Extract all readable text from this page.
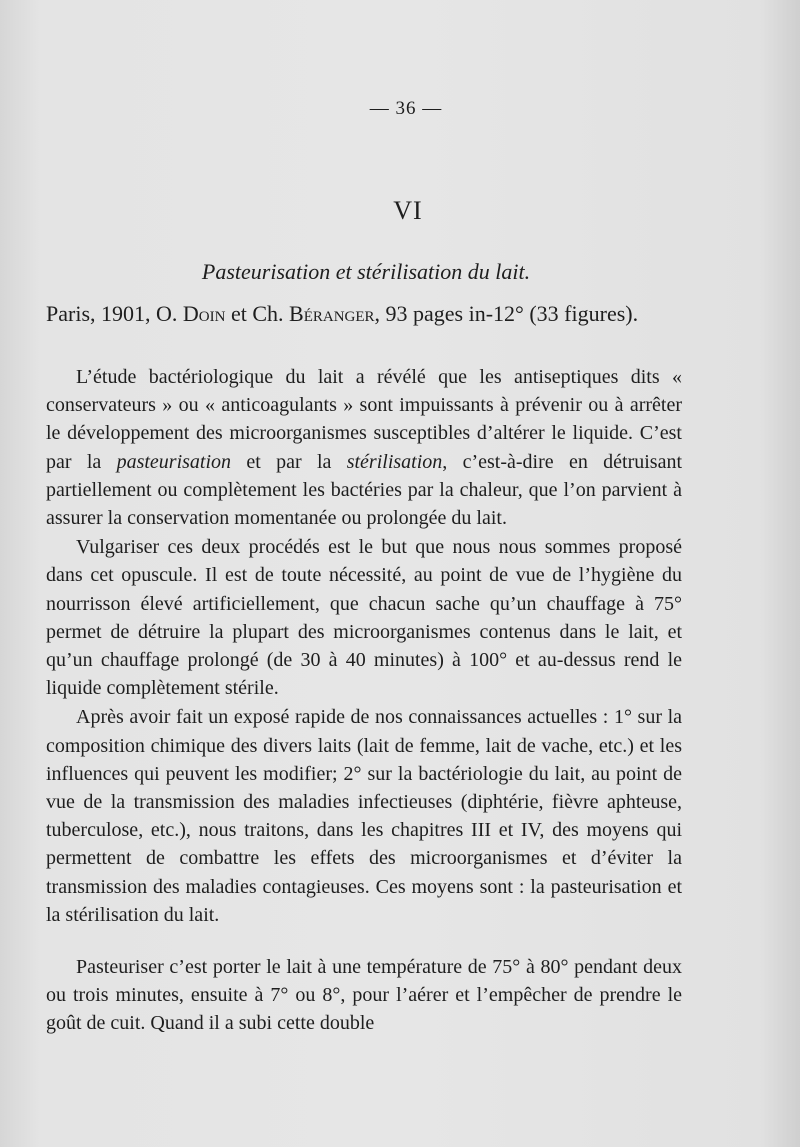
— 36 —
VI
Pasteurisation et stérilisation du lait.
Paris, 1901, O. Doin et Ch. Béranger, 93 pages in-12° (33 figures).

L’étude bactériologique du lait a révélé que les antiseptiques dits « conservateurs » ou « anticoagulants » sont impuissants à prévenir ou à arrêter le développement des microorganismes susceptibles d’altérer le liquide. C’est par la pasteurisation et par la stérilisation, c’est-à-dire en détruisant partiellement ou complètement les bactéries par la chaleur, que l’on parvient à assurer la conservation momentanée ou prolongée du lait.

Vulgariser ces deux procédés est le but que nous nous sommes proposé dans cet opuscule. Il est de toute nécessité, au point de vue de l’hygiène du nourrisson élevé artificiellement, que chacun sache qu’un chauffage à 75° permet de détruire la plupart des microorganismes contenus dans le lait, et qu’un chauffage prolongé (de 30 à 40 minutes) à 100° et au-dessus rend le liquide complètement stérile.

Après avoir fait un exposé rapide de nos connaissances actuelles : 1° sur la composition chimique des divers laits (lait de femme, lait de vache, etc.) et les influences qui peuvent les modifier; 2° sur la bactériologie du lait, au point de vue de la transmission des maladies infectieuses (diphtérie, fièvre aphteuse, tuberculose, etc.), nous traitons, dans les chapitres III et IV, des moyens qui permettent de combattre les effets des microorganismes et d’éviter la transmission des maladies contagieuses. Ces moyens sont : la pasteurisation et la stérilisation du lait.

Pasteuriser c’est porter le lait à une température de 75° à 80° pendant deux ou trois minutes, ensuite à 7° ou 8°, pour l’aérer et l’empêcher de prendre le goût de cuit. Quand il a subi cette double
